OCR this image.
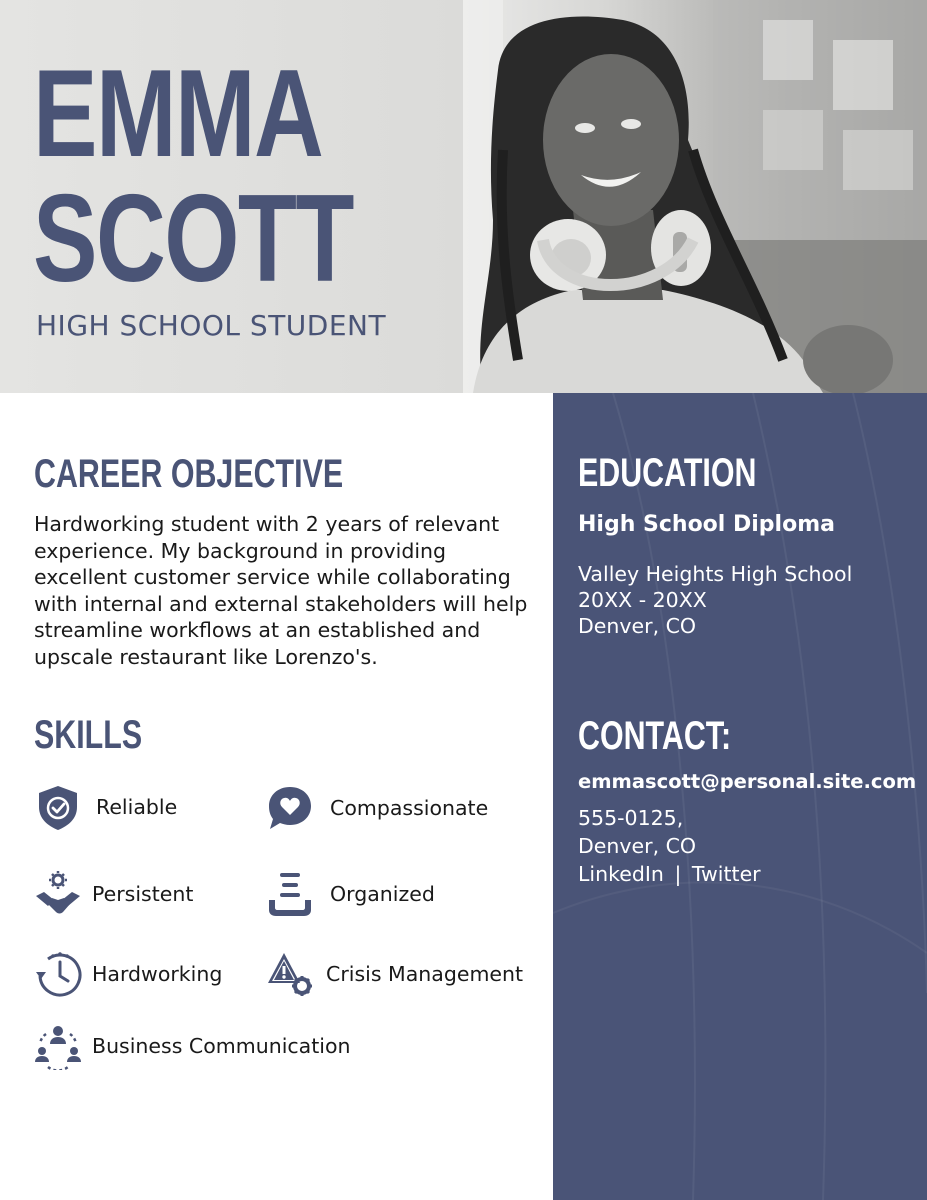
EMMA
SCOTT
HIGH SCHOOL STUDENT
CAREER OBJECTIVE

Hardworking student with 2 years of relevant experience. My background in providing excellent customer service while collaborating with internal and external stakeholders will help streamline workflows at an established and upscale restaurant like Lorenzo's.

SKILLS
Reliable	Compassionate
Persistent	Organized
Hardworking	Crisis Management
Business Communication
EDUCATION
High School Diploma
Valley Heights High School
20XX - 20XX
Denver, CO
CONTACT:
emmascott@personal.site.com
555-0125,
Denver, CO
LinkedIn | Twitter
